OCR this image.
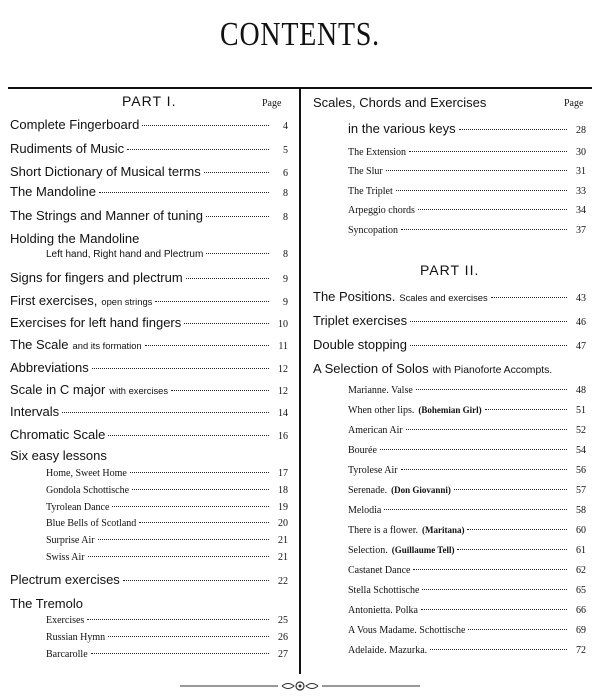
CONTENTS.
PART I.	Page
Complete Fingerboard	4
Rudiments of Music	5
Short Dictionary of Musical terms	6
The Mandoline	8
The Strings and Manner of tuning	8
Holding the Mandoline
Left hand, Right hand and Plectrum	8
Signs for fingers and plectrum	9
First exercises, open strings	9
Exercises for left hand fingers	10
The Scale and its formation	11
Abbreviations	12
Scale in C major with exercises	12
Intervals	14
Chromatic Scale	16
Six easy lessons
Home, Sweet Home	17
Gondola Schottische	18
Tyrolean Dance	19
Blue Bells of Scotland	20
Surprise Air	21
Swiss Air	21
Plectrum exercises	22
The Tremolo
Exercises	25
Russian Hymn	26
Barcarolle	27
Scales, Chords and Exercises	Page
in the various keys	28
The Extension	30
The Slur	31
The Triplet	33
Arpeggio chords	34
Syncopation	37
PART II.
The Positions. Scales and exercises	43
Triplet exercises	46
Double stopping	47
A Selection of Solos with Pianoforte Accompts.
Marianne. Valse	48
When other lips. (Bohemian Girl)	51
American Air	52
Bourée	54
Tyrolese Air	56
Serenade. (Don Giovanni)	57
Melodia	58
There is a flower. (Maritana)	60
Selection. (Guillaume Tell)	61
Castanet Dance	62
Stella Schottische	65
Antonietta. Polka	66
A Vous Madame. Schottische	69
Adelaide. Mazurka.	72
